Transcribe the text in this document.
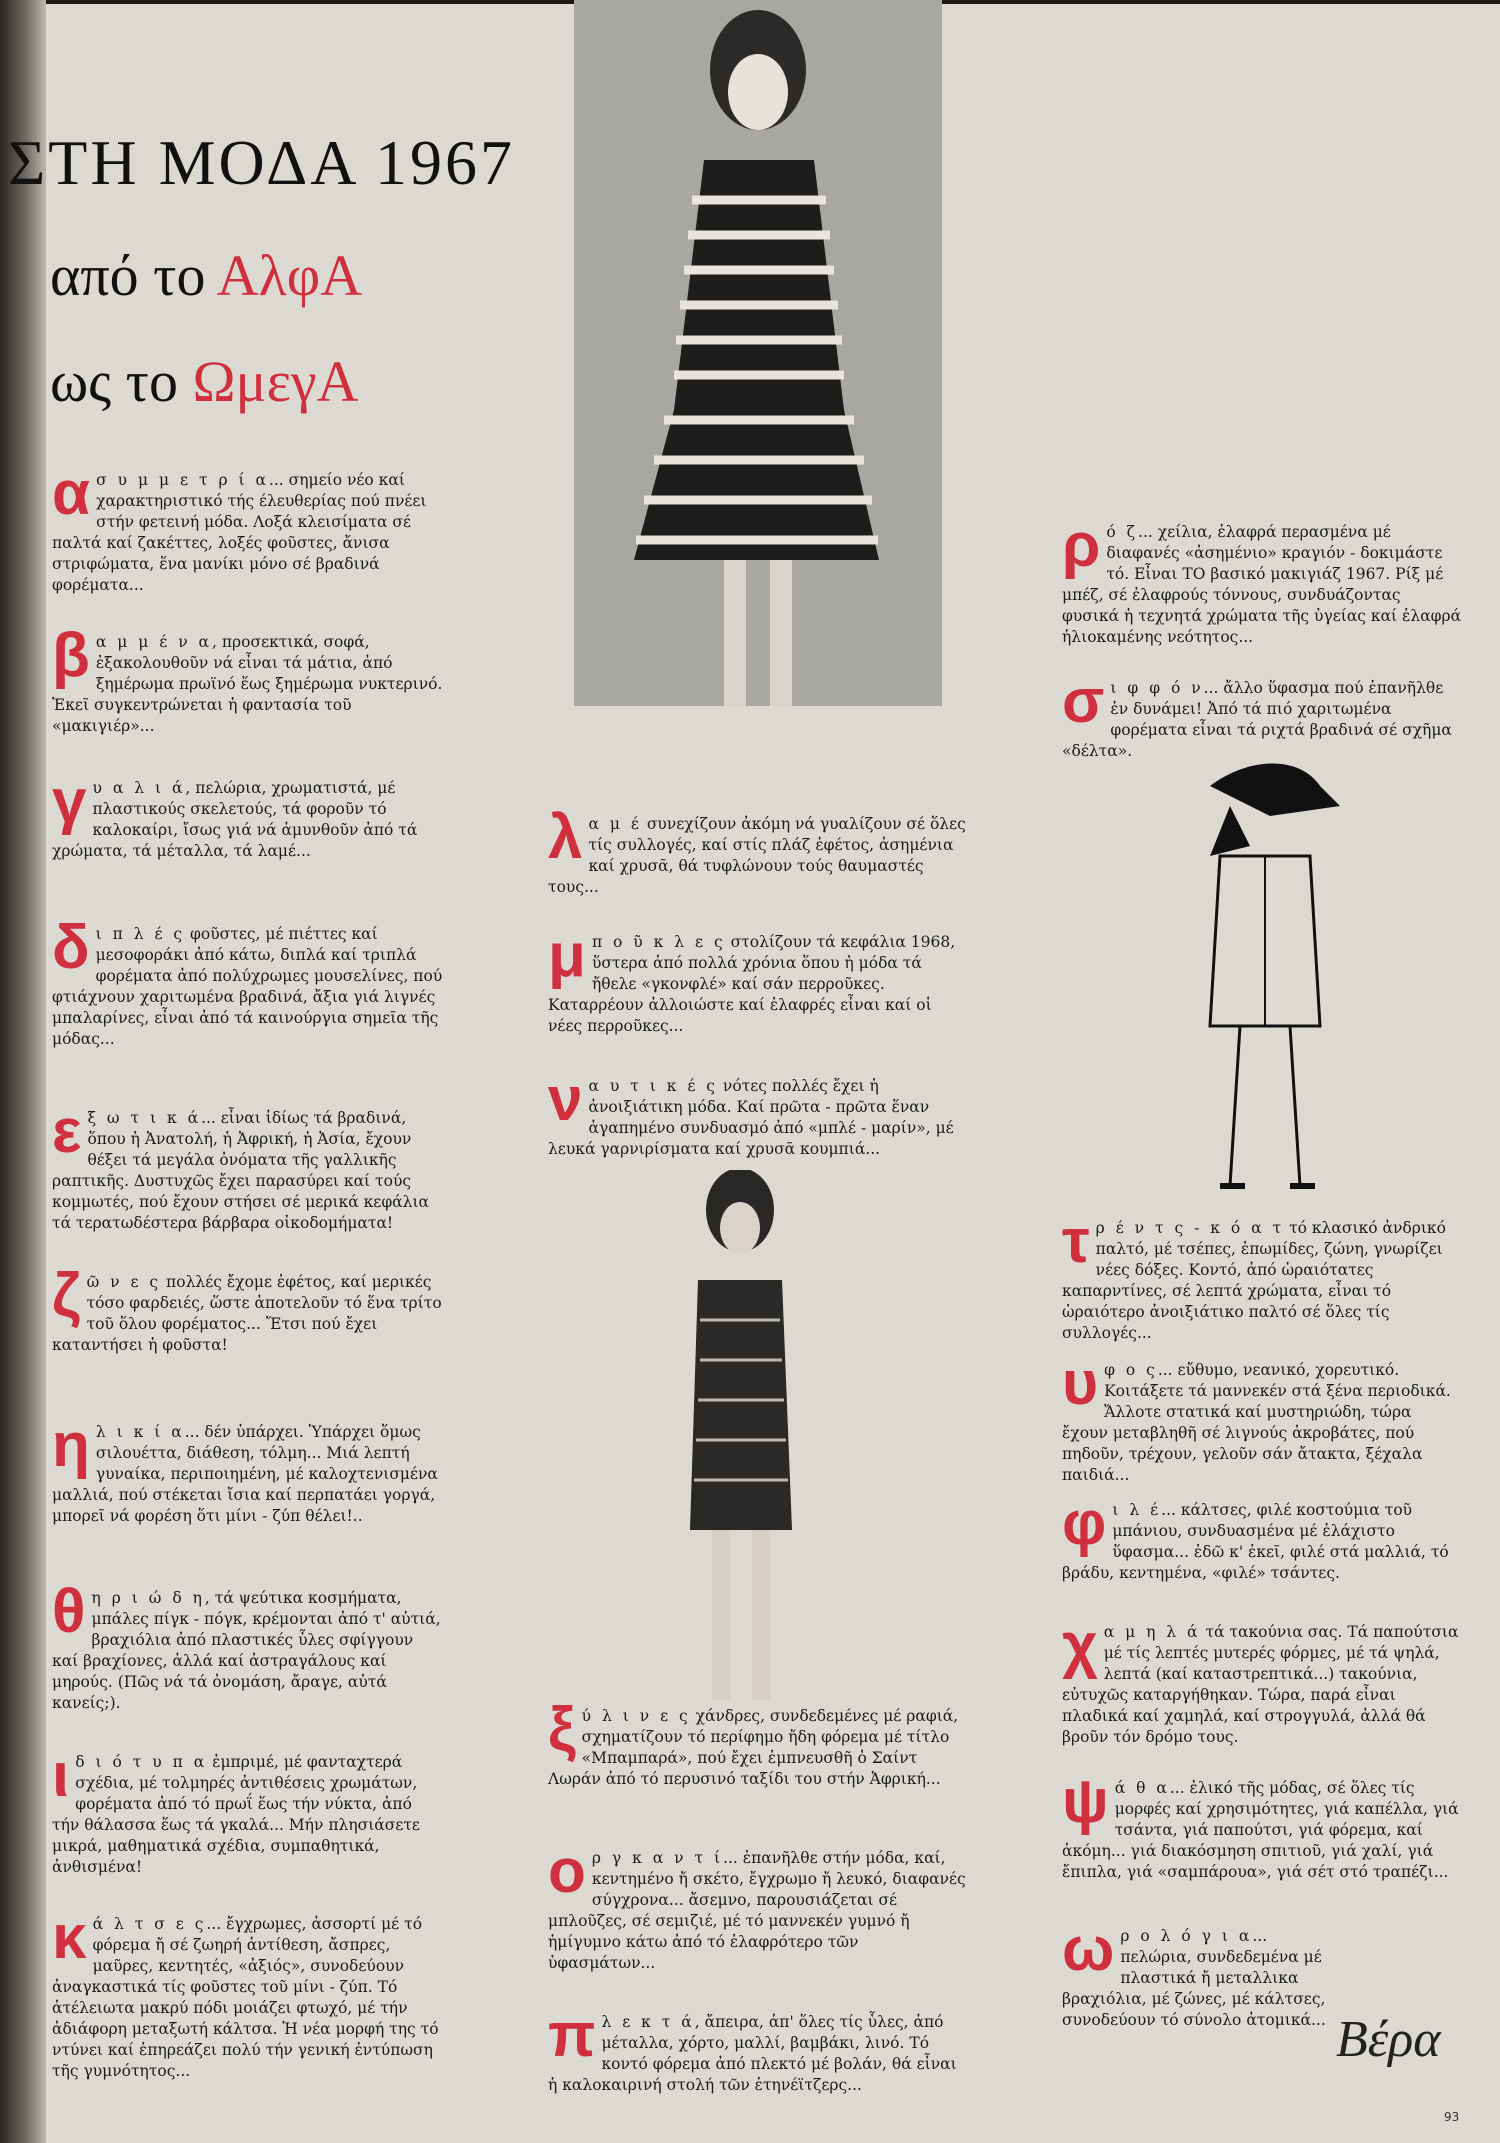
ΣΤΗ ΜΟΔΑ 1967
από το ΑλφΑ
ως το ΩμεγΑ
ασ υ μ μ ε τ ρ ί α... σημείο νέο καί χαρακτηριστικό τής έλευθερίας πού πνέει στήν φετεινή μόδα. Λοξά κλεισίματα σέ παλτά καί ζακέττες, λοξές φοῦστες, ἄνισα στριφώματα, ἕνα μανίκι μόνο σέ βραδινά φορέματα...
βα μ μ έ ν α, προσεκτικά, σοφά, ἐξακολουθοῦν νά εἶναι τά μάτια, ἀπό ξημέρωμα πρωϊνό ἕως ξημέρωμα νυκτερινό. Ἐκεῖ συγκεντρώνεται ἡ φαντασία τοῦ «μακιγιέρ»...
γυ α λ ι ά, πελώρια, χρωματιστά, μέ πλαστικούς σκελετούς, τά φοροῦν τό καλοκαίρι, ἴσως γιά νά ἀμυνθοῦν ἀπό τά χρώματα, τά μέταλλα, τά λαμέ...
δι π λ έ ς φοῦστες, μέ πιέττες καί μεσοφοράκι ἀπό κάτω, διπλά καί τριπλά φορέματα ἀπό πολύχρωμες μουσελίνες, πού φτιάχνουν χαριτωμένα βραδινά, ἄξια γιά λιγνές μπαλαρίνες, εἶναι ἀπό τά καινούργια σημεῖα τῆς μόδας...
εξ ω τ ι κ ά... εἶναι ἰδίως τά βραδινά, ὅπου ἡ Ἀνατολή, ἡ Ἀφρική, ἡ Ἀσία, ἔχουν θέξει τά μεγάλα ὀνόματα τῆς γαλλικῆς ραπτικῆς. Δυστυχῶς ἔχει παρασύρει καί τούς κομμωτές, πού ἔχουν στήσει σέ μερικά κεφάλια τά τερατωδέστερα βάρβαρα οἰκοδομήματα!
ζῶ ν ε ς πολλές ἔχομε ἐφέτος, καί μερικές τόσο φαρδειές, ὥστε ἀποτελοῦν τό ἕνα τρίτο τοῦ ὅλου φορέματος... Ἔτσι πού ἔχει καταντήσει ἡ φοῦστα!
ηλ ι κ ί α... δέν ὑπάρχει. Ὑπάρχει ὅμως σιλουέττα, διάθεση, τόλμη... Μιά λεπτή γυναίκα, περιποιημένη, μέ καλοχτενισμένα μαλλιά, πού στέκεται ἴσια καί περπατάει γοργά, μπορεῖ νά φορέση ὅτι μίνι - ζύπ θέλει!..
θη ρ ι ώ δ η, τά ψεύτικα κοσμήματα, μπάλες πίγκ - πόγκ, κρέμονται ἀπό τ' αὐτιά, βραχιόλια ἀπό πλαστικές ὗλες σφίγγουν καί βραχίονες, ἀλλά καί ἀστραγάλους καί μηρούς. (Πῶς νά τά ὀνομάση, ἄραγε, αὐτά κανείς;).
ιδ ι ό τ υ π α ἐμπριμέ, μέ φανταχτερά σχέδια, μέ τολμηρές ἀντιθέσεις χρωμάτων, φορέματα ἀπό τό πρωΐ ἕως τήν νύκτα, ἀπό τήν θάλασσα ἕως τά γκαλά... Μήν πλησιάσετε μικρά, μαθηματικά σχέδια, συμπαθητικά, ἀνθισμένα!
κά λ τ σ ε ς... ἔγχρωμες, ἀσσορτί μέ τό φόρεμα ἤ σέ ζωηρή ἀντίθεση, ἄσπρες, μαῦρες, κεντητές, «ἀξιός», συνοδεύουν ἀναγκαστικά τίς φοῦστες τοῦ μίνι - ζύπ. Τό ἀτέλειωτα μακρύ πόδι μοιάζει φτωχό, μέ τήν ἀδιάφορη μεταξωτή κάλτσα. Ἡ νέα μορφή της τό ντύνει καί ἐπηρεάζει πολύ τήν γενική ἐντύπωση τῆς γυμνότητος...
λα μ έ συνεχίζουν ἀκόμη νά γυαλίζουν σέ ὅλες τίς συλλογές, καί στίς πλάζ ἐφέτος, ἀσημένια καί χρυσᾶ, θά τυφλώνουν τούς θαυμαστές τους...
μπ ο ῦ κ λ ε ς στολίζουν τά κεφάλια 1968, ὕστερα ἀπό πολλά χρόνια ὅπου ἡ μόδα τά ἤθελε «γκονφλέ» καί σάν περροῦκες. Καταρρέουν ἀλλοιώστε καί ἐλαφρές εἶναι καί οἱ νέες περροῦκες...
να υ τ ι κ έ ς νότες πολλές ἔχει ἡ ἀνοιξιάτικη μόδα. Καί πρῶτα - πρῶτα ἕναν ἀγαπημένο συνδυασμό ἀπό «μπλέ - μαρίν», μέ λευκά γαρνιρίσματα καί χρυσᾶ κουμπιά...
ξύ λ ι ν ε ς χάνδρες, συνδεδεμένες μέ ραφιά, σχηματίζουν τό περίφημο ἤδη φόρεμα μέ τίτλο «Μπαμπαρά», πού ἔχει ἐμπνευσθῆ ὁ Σαίντ Λωράν ἀπό τό περυσινό ταξίδι του στήν Ἀφρική...
ορ γ κ α ν τ ί... ἐπανῆλθε στήν μόδα, καί, κεντημένο ἤ σκέτο, ἔγχρωμο ἤ λευκό, διαφανές σύγχρονα... ἄσεμνο, παρουσιάζεται σέ μπλοῦζες, σέ σεμιζιέ, μέ τό μαννεκέν γυμνό ἤ ἡμίγυμνο κάτω ἀπό τό ἐλαφρότερο τῶν ὑφασμάτων...
πλ ε κ τ ά, ἄπειρα, ἀπ' ὅλες τίς ὗλες, ἀπό μέταλλα, χόρτο, μαλλί, βαμβάκι, λινό. Τό κοντό φόρεμα ἀπό πλεκτό μέ βολάν, θά εἶναι ἡ καλοκαιρινή στολή τῶν ἐτηνέϊτζερς...
ρό ζ... χείλια, ἐλαφρά περασμένα μέ διαφανές «ἀσημένιο» κραγιόν - δοκιμάστε τό. Εἶναι ΤΟ βασικό μακιγιάζ 1967. Ρίξ μέ μπέζ, σέ ἐλαφρούς τόννους, συνδυάζοντας φυσικά ἡ τεχνητά χρώματα τῆς ὑγείας καί ἐλαφρά ἠλιοκαμένης νεότητος...
σι φ φ ό ν... ἄλλο ὕφασμα πού ἐπανῆλθε ἐν δυνάμει! Ἀπό τά πιό χαριτωμένα φορέματα εἶναι τά ριχτά βραδινά σέ σχῆμα «δέλτα».
τρ έ ν τ ς - κ ό α τ τό κλασικό ἀνδρικό παλτό, μέ τσέπες, ἐπωμίδες, ζώνη, γνωρίζει νέες δόξες. Κοντό, ἀπό ὡραιότατες καπαρντίνες, σέ λεπτά χρώματα, εἶναι τό ὡραιότερο ἀνοιξιάτικο παλτό σέ ὅλες τίς συλλογές...
υφ ο ς... εὔθυμο, νεανικό, χορευτικό. Κοιτάξετε τά μαννεκέν στά ξένα περιοδικά. Ἄλλοτε στατικά καί μυστηριώδη, τώρα ἔχουν μεταβληθῆ σέ λιγνούς ἀκροβάτες, πού πηδοῦν, τρέχουν, γελοῦν σάν ἄτακτα, ξέχαλα παιδιά...
φι λ έ... κάλτσες, φιλέ κοστούμια τοῦ μπάνιου, συνδυασμένα μέ ἐλάχιστο ὕφασμα... ἐδῶ κ' ἐκεῖ, φιλέ στά μαλλιά, τό βράδυ, κεντημένα, «φιλέ» τσάντες.
χα μ η λ ά τά τακούνια σας. Τά παπούτσια μέ τίς λεπτές μυτερές φόρμες, μέ τά ψηλά, λεπτά (καί καταστρεπτικά...) τακούνια, εὐτυχῶς καταργήθηκαν. Τώρα, παρά εἶναι πλαδικά καί χαμηλά, καί στρογγυλά, ἀλλά θά βροῦν τόν δρόμο τους.
ψά θ α... ἐλικό τῆς μόδας, σέ ὅλες τίς μορφές καί χρησιμότητες, γιά καπέλλα, γιά τσάντα, γιά παπούτσι, γιά φόρεμα, καί ἀκόμη... γιά διακόσμηση σπιτιοῦ, γιά χαλί, γιά ἔπιπλα, γιά «σαμπάρουα», γιά σέτ στό τραπέζι...
ωρ ο λ ό γ ι α... πελώρια, συνδεδεμένα μέ πλαστικά ἤ μεταλλικα βραχιόλια, μέ ζώνες, μέ κάλτσες, συνοδεύουν τό σύνολο ἀτομικά... Βέρα
93
